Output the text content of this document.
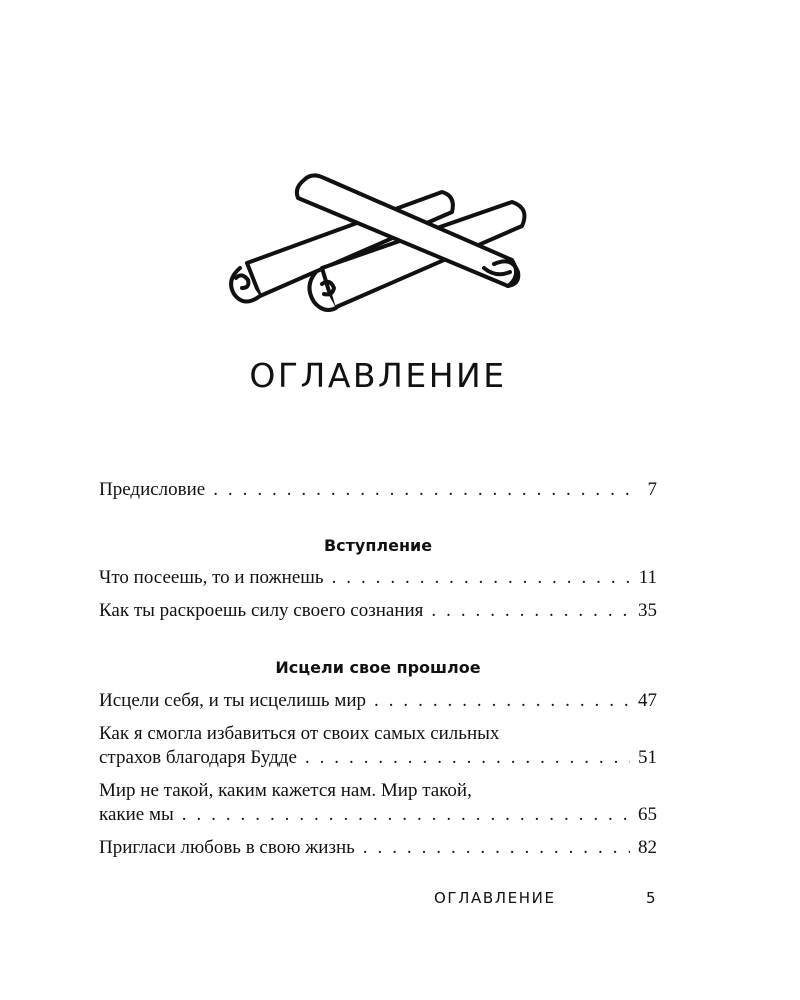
ОГЛАВЛЕНИЕ
Предисловие . . .	7
Вступление
Что посеешь, то и пожнешь . . .	11
Как ты раскроешь силу своего сознания . . .	35
Исцели свое прошлое
Исцели себя, и ты исцелишь мир . . .	47
Как я смогла избавиться от своих самых сильных
страхов благодаря Будде . . .	51
Мир не такой, каким кажется нам. Мир такой,
какие мы . . .	65
Пригласи любовь в свою жизнь . . .	82
ОГЛАВЛЕНИЕ	5
